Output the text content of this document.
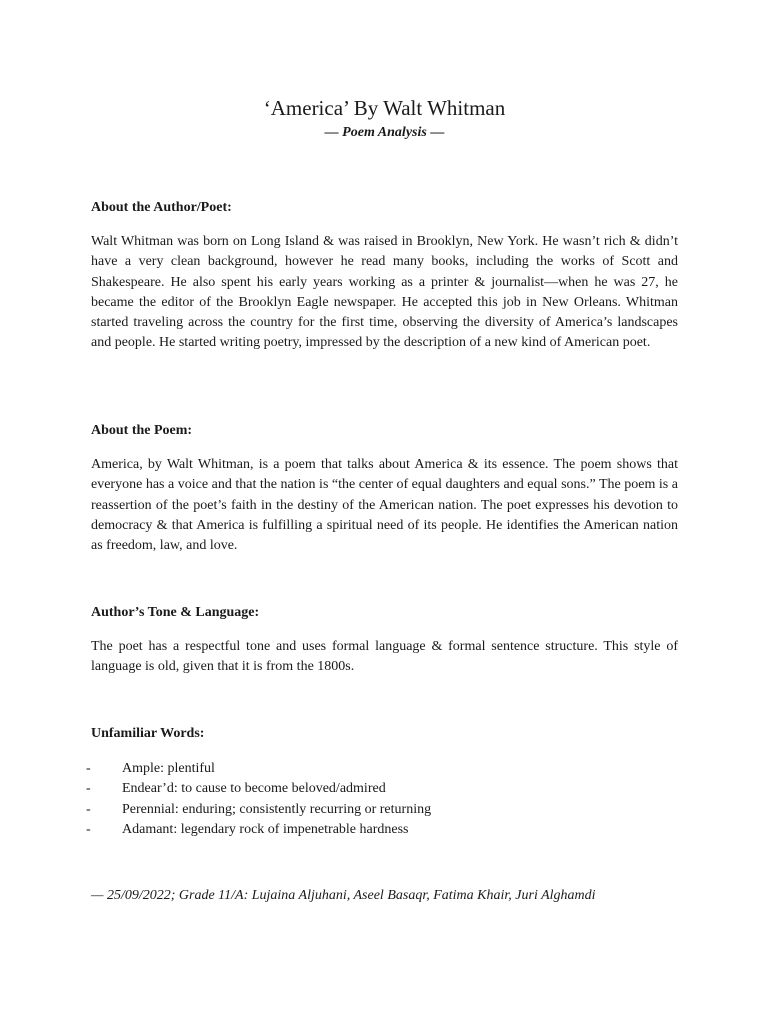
‘America’ By Walt Whitman
— Poem Analysis —
About the Author/Poet:

Walt Whitman was born on Long Island & was raised in Brooklyn, New York. He wasn’t rich & didn’t have a very clean background, however he read many books, including the works of Scott and Shakespeare. He also spent his early years working as a printer & journalist—when he was 27, he became the editor of the Brooklyn Eagle newspaper. He accepted this job in New Orleans. Whitman started traveling across the country for the first time, observing the diversity of America’s landscapes and people. He started writing poetry, impressed by the description of a new kind of American poet.

About the Poem:

America, by Walt Whitman, is a poem that talks about America & its essence. The poem shows that everyone has a voice and that the nation is “the center of equal daughters and equal sons.” The poem is a reassertion of the poet’s faith in the destiny of the American nation. The poet expresses his devotion to democracy & that America is fulfilling a spiritual need of its people. He identifies the American nation as freedom, law, and love.

Author’s Tone & Language:

The poet has a respectful tone and uses formal language & formal sentence structure. This style of language is old, given that it is from the 1800s.

Unfamiliar Words:
- Ample: plentiful
- Endear’d: to cause to become beloved/admired
- Perennial: enduring; consistently recurring or returning
- Adamant: legendary rock of impenetrable hardness
— 25/09/2022; Grade 11/A: Lujaina Aljuhani, Aseel Basaqr, Fatima Khair, Juri Alghamdi
